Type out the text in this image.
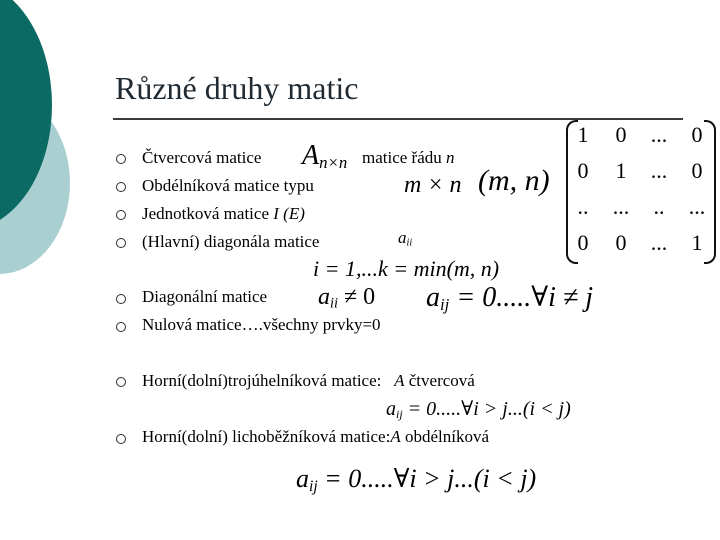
Různé druhy matic
Čtvercová matice	matice řádu n
Obdélníková matice typu
Jednotková matice I (E)
(Hlavní) diagonála matice
Diagonální matice
Nulová matice….všechny prvky=0
Horní(dolní)trojúhelníková matice: A čtvercová
Horní(dolní) lichoběžníková matice:A obdélníková
$A_{n\times n}$
m × n (m, n)
$a_{ii}$
i = 1,...k = min(m, n)
$a_{ii} \ne 0$ $a_{ij}$ = 0.....∀i ≠ j
$a_{ij}$ = 0.....∀i > j...(i < j)
$a_{ij}$ = 0.....∀i > j...(i < j)
1	0	...	0
0	1	...	0
..	...	..	...
0	0	...	1
